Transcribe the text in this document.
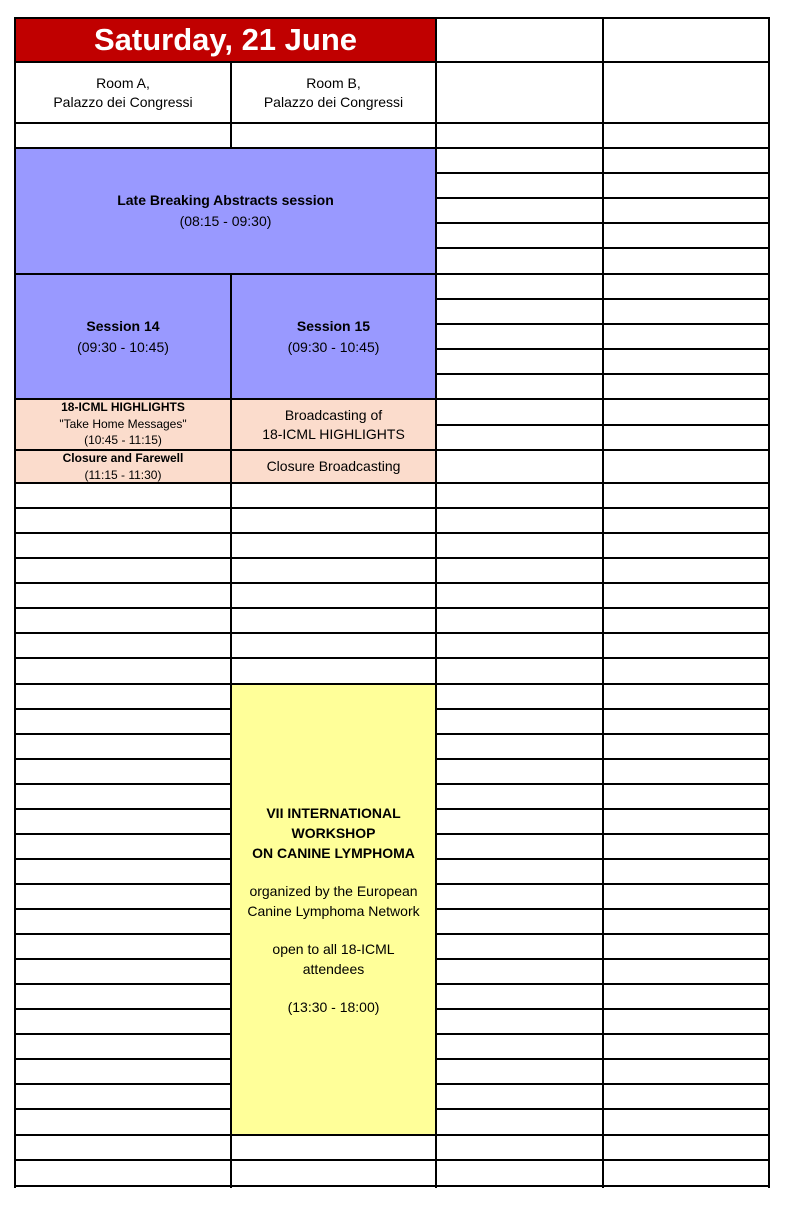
Saturday, 21 June
Room A,
Palazzo dei Congressi
Room B,
Palazzo dei Congressi
Late Breaking Abstracts session
(08:15 - 09:30)
Session 14
(09:30 - 10:45)
Session 15
(09:30 - 10:45)
18-ICML HIGHLIGHTS
"Take Home Messages"
(10:45 - 11:15)
Broadcasting of
18-ICML HIGHLIGHTS
Closure and Farewell
(11:15 - 11:30)
Closure Broadcasting
VII INTERNATIONAL
WORKSHOP
ON CANINE LYMPHOMA
organized by the European
Canine Lymphoma Network
open to all 18-ICML
attendees
(13:30 - 18:00)
